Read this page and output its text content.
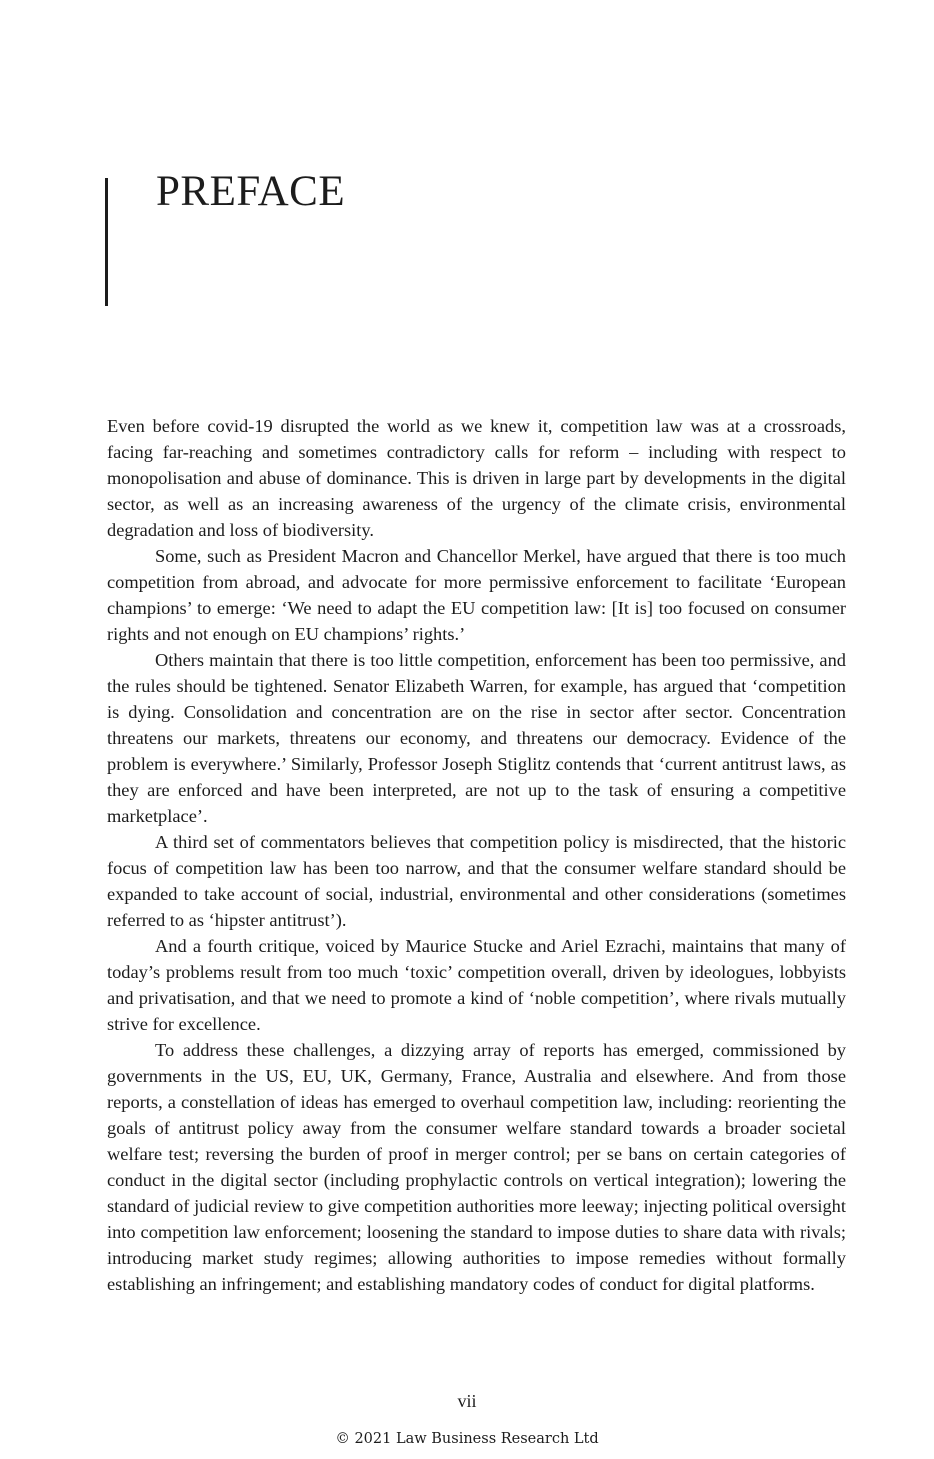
PREFACE

Even before covid-19 disrupted the world as we knew it, competition law was at a crossroads, facing far-reaching and sometimes contradictory calls for reform – including with respect to monopolisation and abuse of dominance. This is driven in large part by developments in the digital sector, as well as an increasing awareness of the urgency of the climate crisis, environmental degradation and loss of biodiversity.

Some, such as President Macron and Chancellor Merkel, have argued that there is too much competition from abroad, and advocate for more permissive enforcement to facilitate ‘European champions’ to emerge: ‘We need to adapt the EU competition law: [It is] too focused on consumer rights and not enough on EU champions’ rights.’

Others maintain that there is too little competition, enforcement has been too permissive, and the rules should be tightened. Senator Elizabeth Warren, for example, has argued that ‘competition is dying. Consolidation and concentration are on the rise in sector after sector. Concentration threatens our markets, threatens our economy, and threatens our democracy. Evidence of the problem is everywhere.’ Similarly, Professor Joseph Stiglitz contends that ‘current antitrust laws, as they are enforced and have been interpreted, are not up to the task of ensuring a competitive marketplace’.

A third set of commentators believes that competition policy is misdirected, that the historic focus of competition law has been too narrow, and that the consumer welfare standard should be expanded to take account of social, industrial, environmental and other considerations (sometimes referred to as ‘hipster antitrust’).

And a fourth critique, voiced by Maurice Stucke and Ariel Ezrachi, maintains that many of today’s problems result from too much ‘toxic’ competition overall, driven by ideologues, lobbyists and privatisation, and that we need to promote a kind of ‘noble competition’, where rivals mutually strive for excellence.

To address these challenges, a dizzying array of reports has emerged, commissioned by governments in the US, EU, UK, Germany, France, Australia and elsewhere. And from those reports, a constellation of ideas has emerged to overhaul competition law, including: reorienting the goals of antitrust policy away from the consumer welfare standard towards a broader societal welfare test; reversing the burden of proof in merger control; per se bans on certain categories of conduct in the digital sector (including prophylactic controls on vertical integration); lowering the standard of judicial review to give competition authorities more leeway; injecting political oversight into competition law enforcement; loosening the standard to impose duties to share data with rivals; introducing market study regimes; allowing authorities to impose remedies without formally establishing an infringement; and establishing mandatory codes of conduct for digital platforms.

vii
© 2021 Law Business Research Ltd
